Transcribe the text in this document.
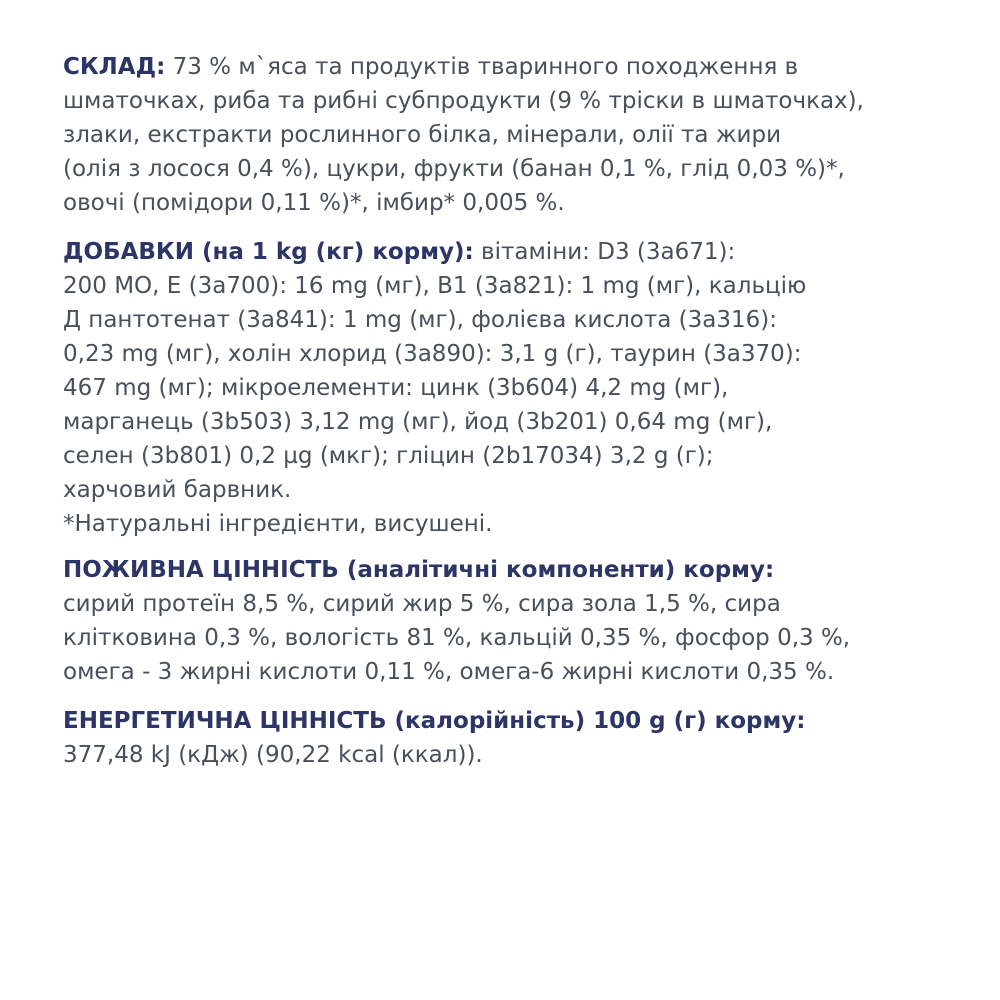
СКЛАД: 73 % м`яса та продуктів тваринного походження в
шматочках, риба та рибні субпродукти (9 % тріски в шматочках),
злаки, екстракти рослинного білка, мінерали, олії та жири
(олія з лосося 0,4 %), цукри, фрукти (банан 0,1 %, глід 0,03 %)*,
овочі (помідори 0,11 %)*, імбир* 0,005 %.
ДОБАВКИ (на 1 kg (кг) корму): вітаміни: D3 (3a671):
200 МО, Е (3а700): 16 mg (мг), В1 (3а821): 1 mg (мг), кальцію
Д пантотенат (3а841): 1 mg (мг), фолієва кислота (3а316):
0,23 mg (мг), холін хлорид (3а890): 3,1 g (г), таурин (3а370):
467 mg (мг); мікроелементи: цинк (3b604) 4,2 mg (мг),
марганець (3b503) 3,12 mg (мг), йод (3b201) 0,64 mg (мг),
селен (3b801) 0,2 µg (мкг); гліцин (2b17034) 3,2 g (г);
харчовий барвник.
*Натуральні інгредієнти, висушені.
ПОЖИВНА ЦІННІСТЬ (аналітичні компоненти) корму:
сирий протеїн 8,5 %, сирий жир 5 %, сира зола 1,5 %, сира
клітковина 0,3 %, вологість 81 %, кальцій 0,35 %, фосфор 0,3 %,
омега - 3 жирні кислоти 0,11 %, омега-6 жирні кислоти 0,35 %.
ЕНЕРГЕТИЧНА ЦІННІСТЬ (калорійність) 100 g (г) корму:
377,48 kJ (кДж) (90,22 kcal (ккал)).
